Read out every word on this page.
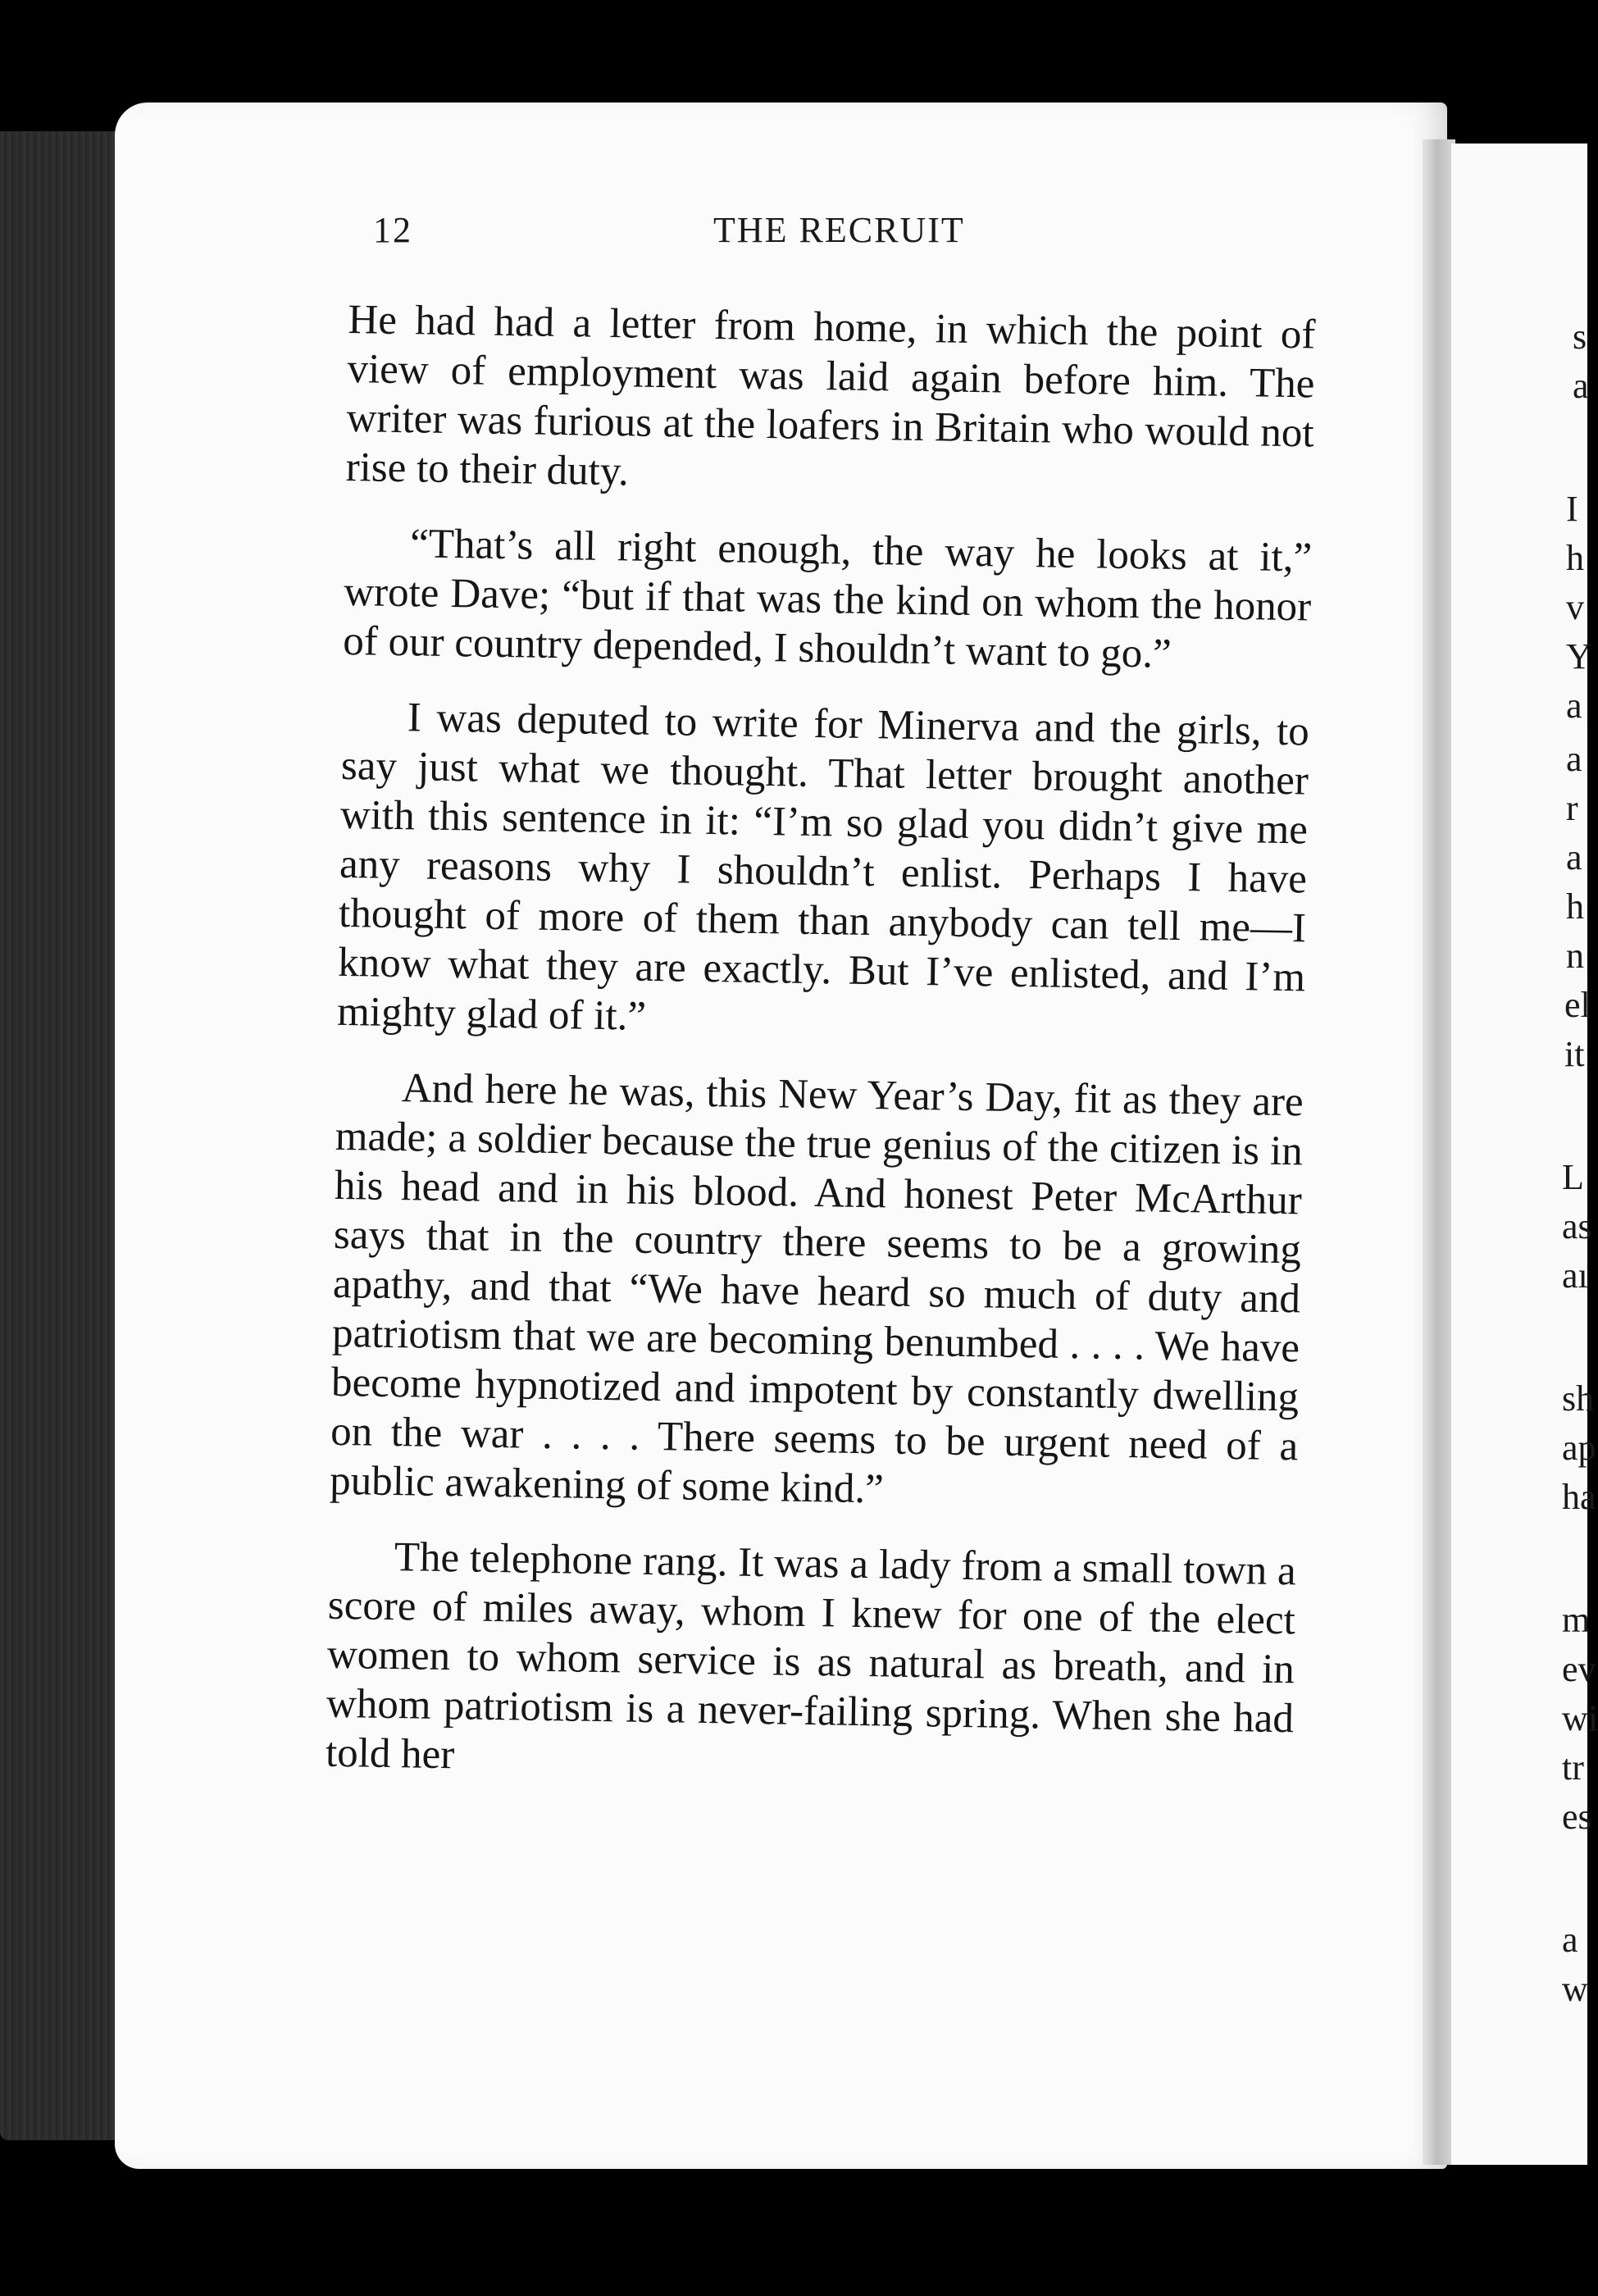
s
a
I
h
v
Y
a
a
r
a
h
n
el
it
L
as
aı
sh
ap
ha
m
ev
wi
tr
es
a
w
12	THE RECRUIT

He had had a letter from home, in which the point of view of employment was laid again before him. The writer was furious at the loafers in Britain who would not rise to their duty.

“That’s all right enough, the way he looks at it,” wrote Dave; “but if that was the kind on whom the honor of our country depended, I shouldn’t want to go.”

I was deputed to write for Minerva and the girls, to say just what we thought. That letter brought another with this sentence in it: “I’m so glad you didn’t give me any reasons why I shouldn’t enlist. Perhaps I have thought of more of them than anybody can tell me—I know what they are exactly. But I’ve enlisted, and I’m mighty glad of it.”

And here he was, this New Year’s Day, fit as they are made; a soldier because the true genius of the citizen is in his head and in his blood. And honest Peter McArthur says that in the country there seems to be a growing apathy, and that “We have heard so much of duty and patriotism that we are becoming benumbed . . . . We have become hypnotized and impotent by constantly dwelling on the war . . . . There seems to be urgent need of a public awakening of some kind.”

The telephone rang. It was a lady from a small town a score of miles away, whom I knew for one of the elect women to whom service is as natural as breath, and in whom patriotism is a never-failing spring. When she had told her
